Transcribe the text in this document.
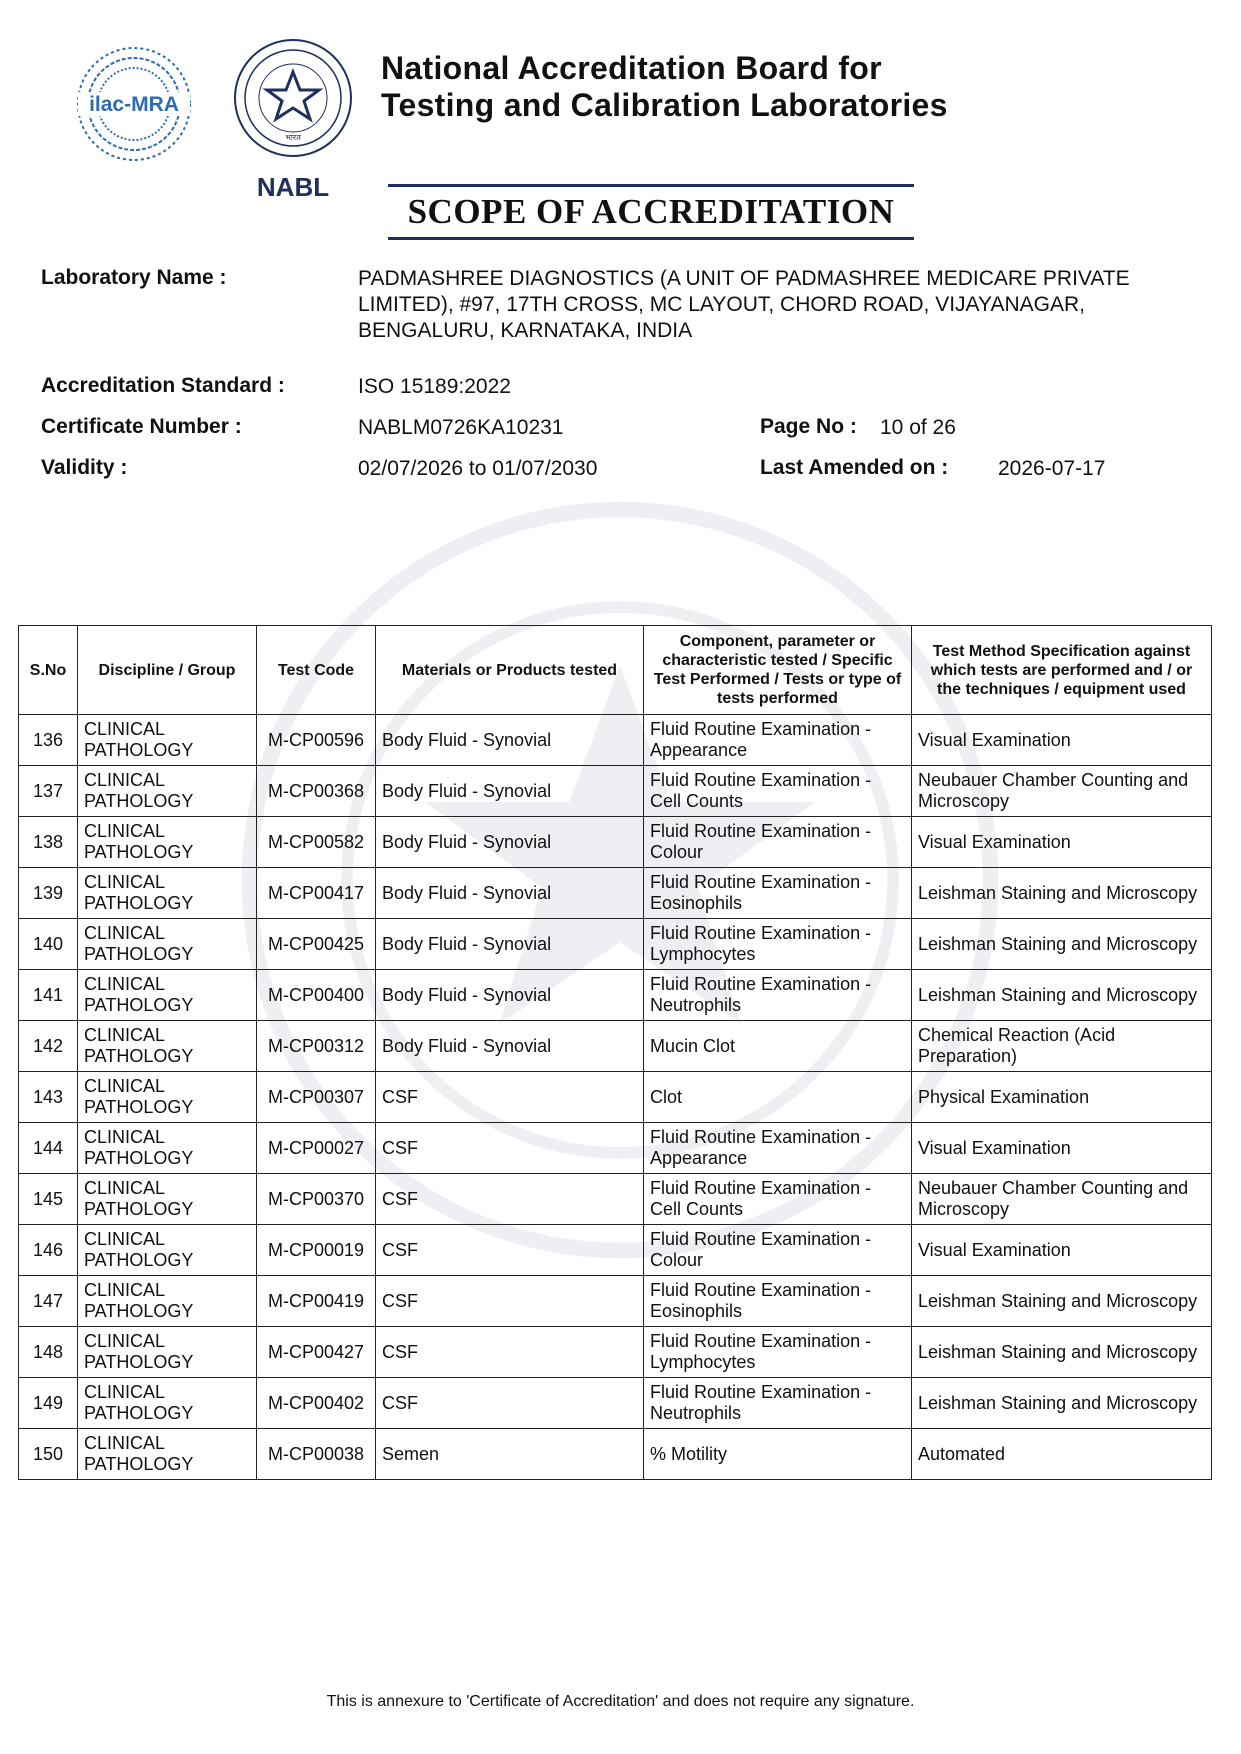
ilac-MRA
भारत
NABL
National Accreditation Board for
Testing and Calibration Laboratories
SCOPE OF ACCREDITATION
Laboratory Name :	PADMASHREE DIAGNOSTICS (A UNIT OF PADMASHREE MEDICARE PRIVATE LIMITED), #97, 17TH CROSS, MC LAYOUT, CHORD ROAD, VIJAYANAGAR, BENGALURU, KARNATAKA, INDIA
Accreditation Standard :	ISO 15189:2022
Certificate Number :	NABLM0726KA10231	Page No : 10 of 26
Validity :	02/07/2026 to 01/07/2030	Last Amended on : 2026-07-17
S.No	Discipline / Group	Test Code	Materials or Products tested	Component, parameter or characteristic tested / Specific Test Performed / Tests or type of tests performed	Test Method Specification against which tests are performed and / or the techniques / equipment used
136	CLINICAL PATHOLOGY	M-CP00596	Body Fluid - Synovial	Fluid Routine Examination - Appearance	Visual Examination
137	CLINICAL PATHOLOGY	M-CP00368	Body Fluid - Synovial	Fluid Routine Examination - Cell Counts	Neubauer Chamber Counting and Microscopy
138	CLINICAL PATHOLOGY	M-CP00582	Body Fluid - Synovial	Fluid Routine Examination - Colour	Visual Examination
139	CLINICAL PATHOLOGY	M-CP00417	Body Fluid - Synovial	Fluid Routine Examination - Eosinophils	Leishman Staining and Microscopy
140	CLINICAL PATHOLOGY	M-CP00425	Body Fluid - Synovial	Fluid Routine Examination - Lymphocytes	Leishman Staining and Microscopy
141	CLINICAL PATHOLOGY	M-CP00400	Body Fluid - Synovial	Fluid Routine Examination - Neutrophils	Leishman Staining and Microscopy
142	CLINICAL PATHOLOGY	M-CP00312	Body Fluid - Synovial	Mucin Clot	Chemical Reaction (Acid Preparation)
143	CLINICAL PATHOLOGY	M-CP00307	CSF	Clot	Physical Examination
144	CLINICAL PATHOLOGY	M-CP00027	CSF	Fluid Routine Examination - Appearance	Visual Examination
145	CLINICAL PATHOLOGY	M-CP00370	CSF	Fluid Routine Examination - Cell Counts	Neubauer Chamber Counting and Microscopy
146	CLINICAL PATHOLOGY	M-CP00019	CSF	Fluid Routine Examination - Colour	Visual Examination
147	CLINICAL PATHOLOGY	M-CP00419	CSF	Fluid Routine Examination - Eosinophils	Leishman Staining and Microscopy
148	CLINICAL PATHOLOGY	M-CP00427	CSF	Fluid Routine Examination - Lymphocytes	Leishman Staining and Microscopy
149	CLINICAL PATHOLOGY	M-CP00402	CSF	Fluid Routine Examination - Neutrophils	Leishman Staining and Microscopy
150	CLINICAL PATHOLOGY	M-CP00038	Semen	% Motility	Automated
This is annexure to 'Certificate of Accreditation' and does not require any signature.
